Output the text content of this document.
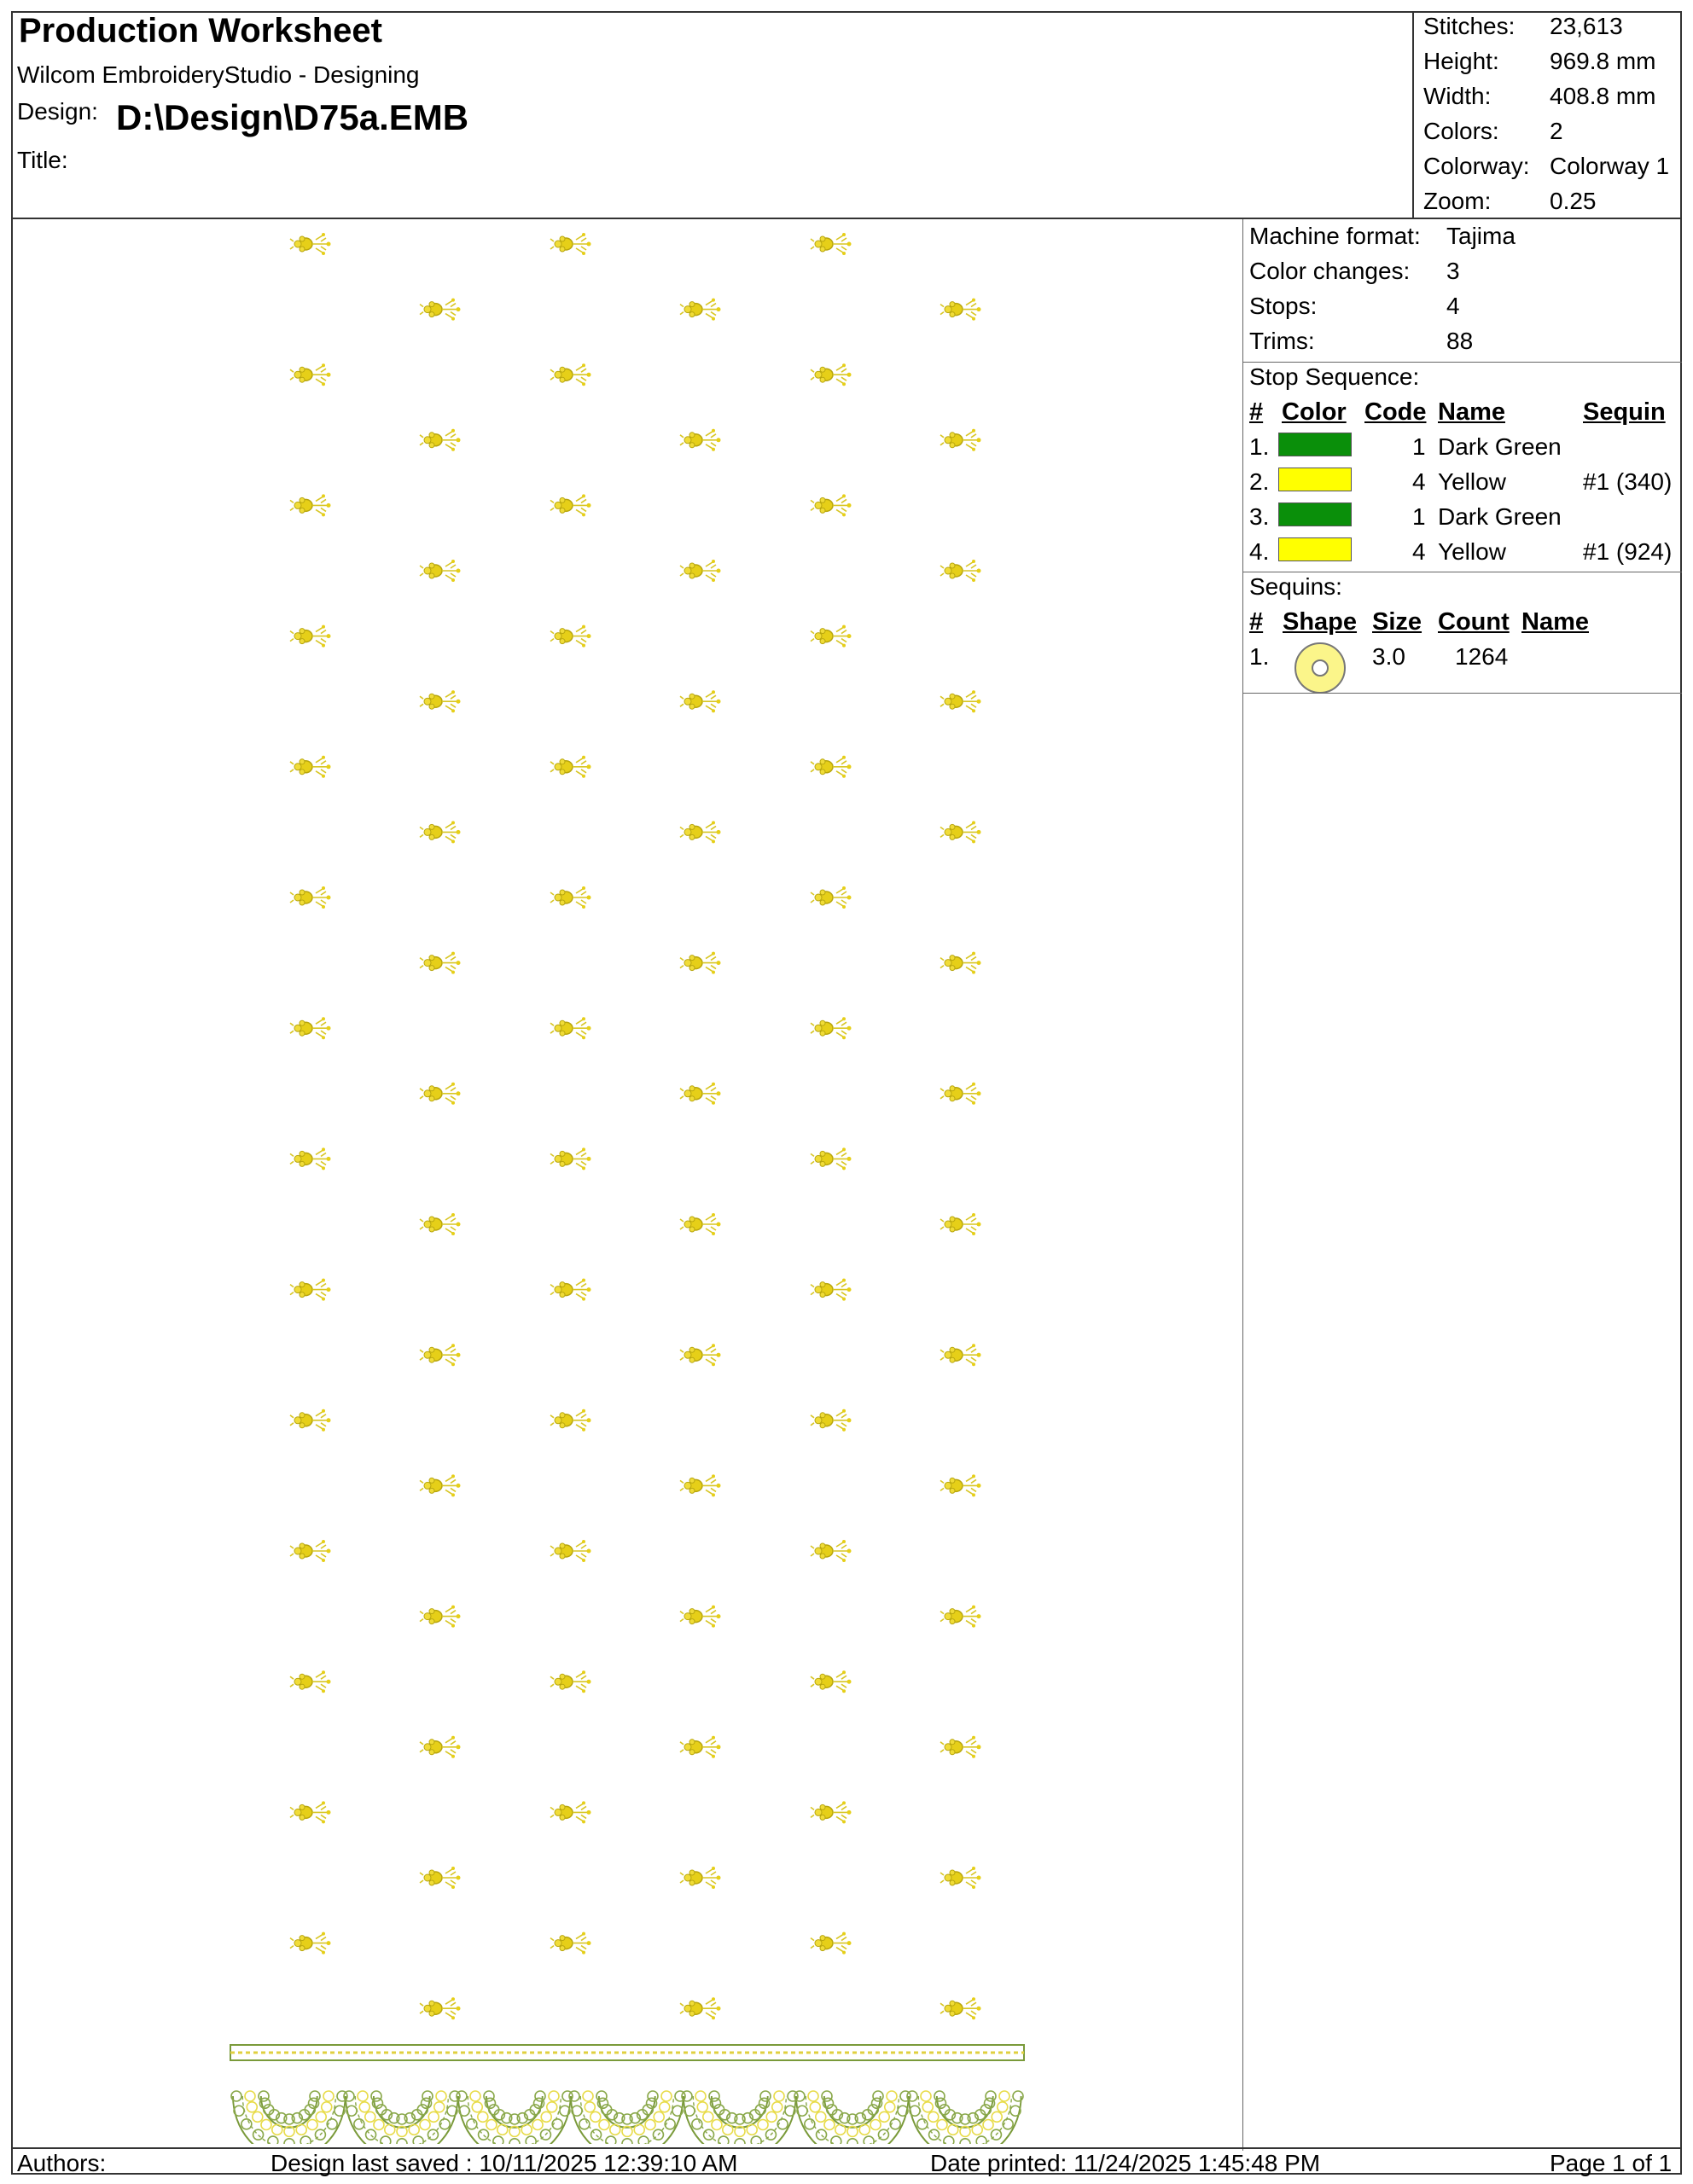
Production Worksheet
Wilcom EmbroideryStudio - Designing
Design: D:\Design\D75a.EMB
Title:
Stitches: 23,613
Height: 969.8 mm
Width: 408.8 mm
Colors: 2
Colorway: Colorway 1
Zoom: 0.25
Machine format: Tajima
Color changes: 3
Stops:	4
Trims:	88
Stop Sequence:
# Color Code Name	Sequin
1.	1 Dark Green
2.	4 Yellow	#1 (340)
3.	1 Dark Green
4.	4 Yellow	#1 (924)
Sequins:
# Shape Size Count Name
1.	3.0 1264
Authors:	Design last saved : 10/11/2025 12:39:10 AM	Date printed: 11/24/2025 1:45:48 PM	Page 1 of 1
